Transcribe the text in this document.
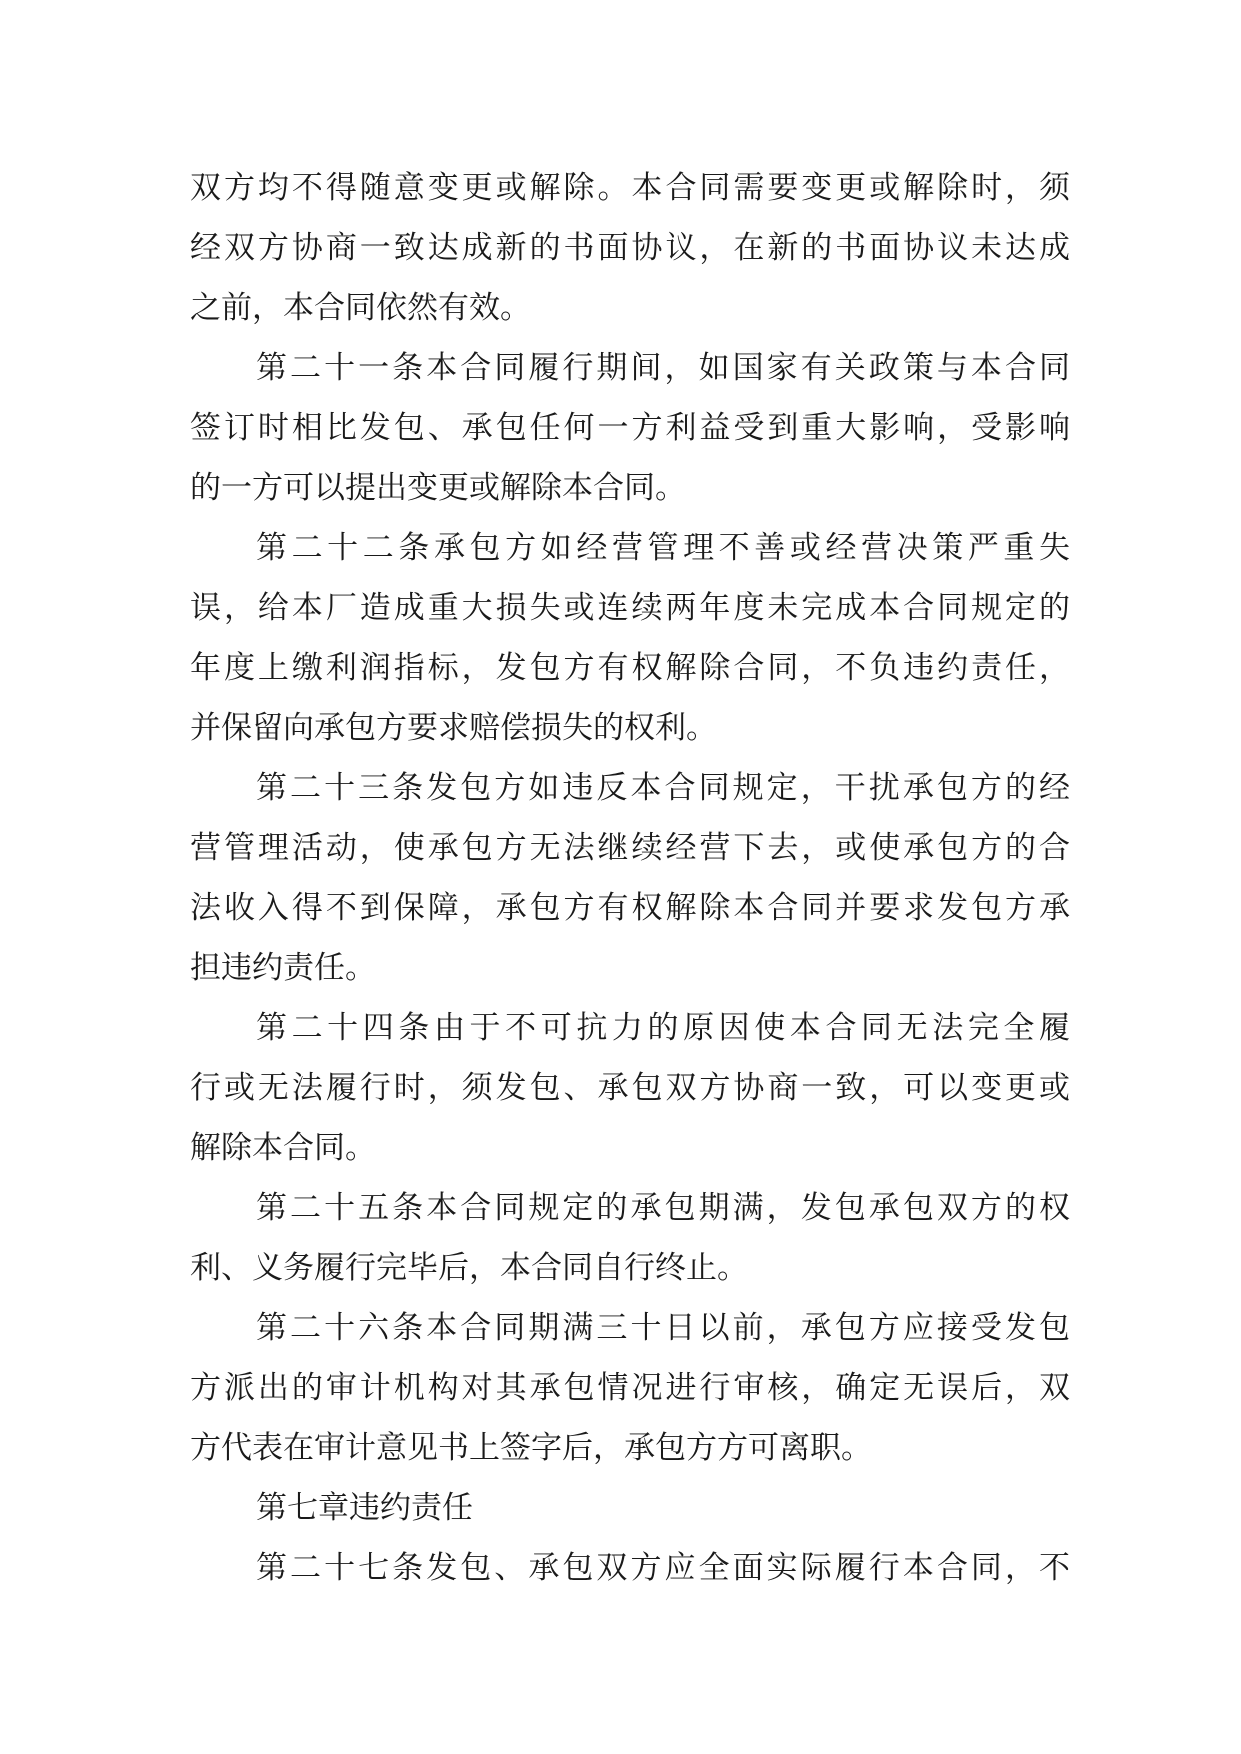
双方均不得随意变更或解除。本合同需要变更或解除时，须
经双方协商一致达成新的书面协议，在新的书面协议未达成
之前，本合同依然有效。
第二十一条本合同履行期间，如国家有关政策与本合同
签订时相比发包、承包任何一方利益受到重大影响，受影响
的一方可以提出变更或解除本合同。
第二十二条承包方如经营管理不善或经营决策严重失
误，给本厂造成重大损失或连续两年度未完成本合同规定的
年度上缴利润指标，发包方有权解除合同，不负违约责任，
并保留向承包方要求赔偿损失的权利。
第二十三条发包方如违反本合同规定，干扰承包方的经
营管理活动，使承包方无法继续经营下去，或使承包方的合
法收入得不到保障，承包方有权解除本合同并要求发包方承
担违约责任。
第二十四条由于不可抗力的原因使本合同无法完全履
行或无法履行时，须发包、承包双方协商一致，可以变更或
解除本合同。
第二十五条本合同规定的承包期满，发包承包双方的权
利、义务履行完毕后，本合同自行终止。
第二十六条本合同期满三十日以前，承包方应接受发包
方派出的审计机构对其承包情况进行审核，确定无误后，双
方代表在审计意见书上签字后，承包方方可离职。
第七章违约责任
第二十七条发包、承包双方应全面实际履行本合同，不
